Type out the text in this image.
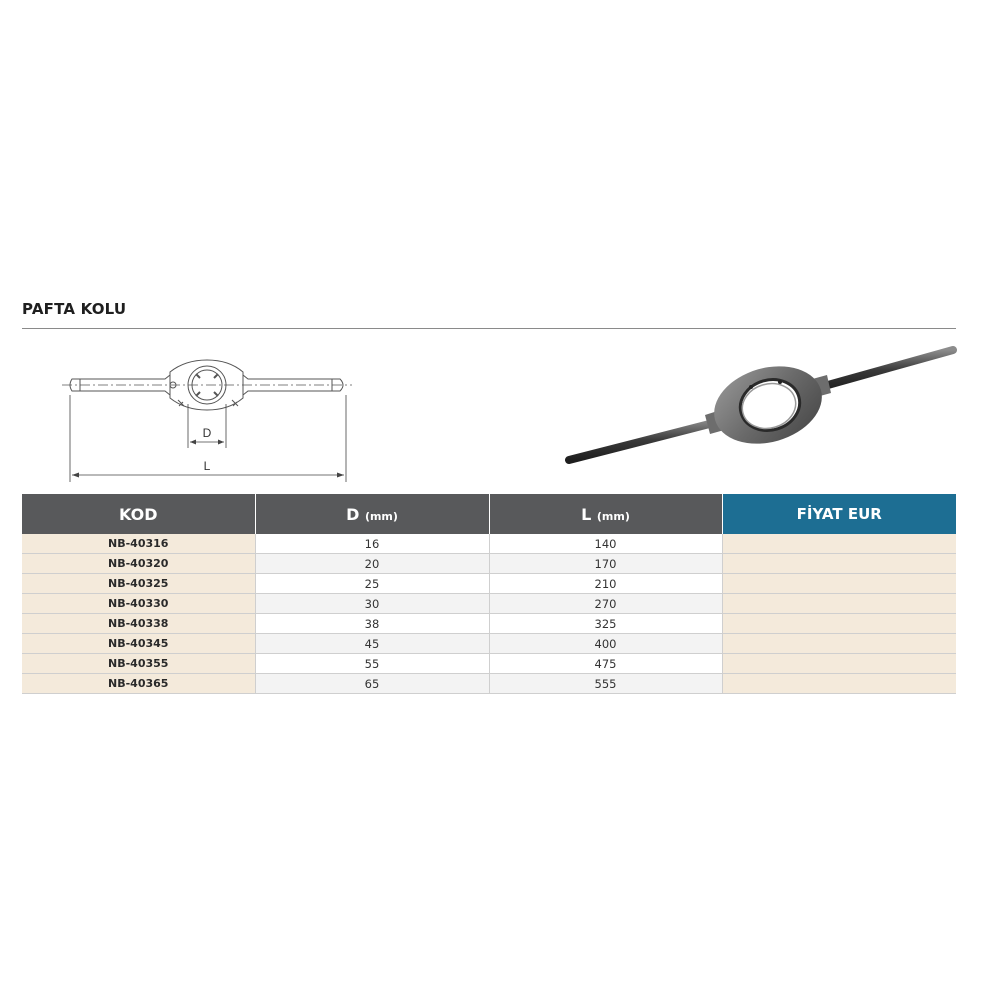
PAFTA KOLU
D
L
KOD	D (mm)	L (mm)	FİYAT EUR
NB-40316	16	140	
NB-40320	20	170	
NB-40325	25	210	
NB-40330	30	270	
NB-40338	38	325	
NB-40345	45	400	
NB-40355	55	475	
NB-40365	65	555	
